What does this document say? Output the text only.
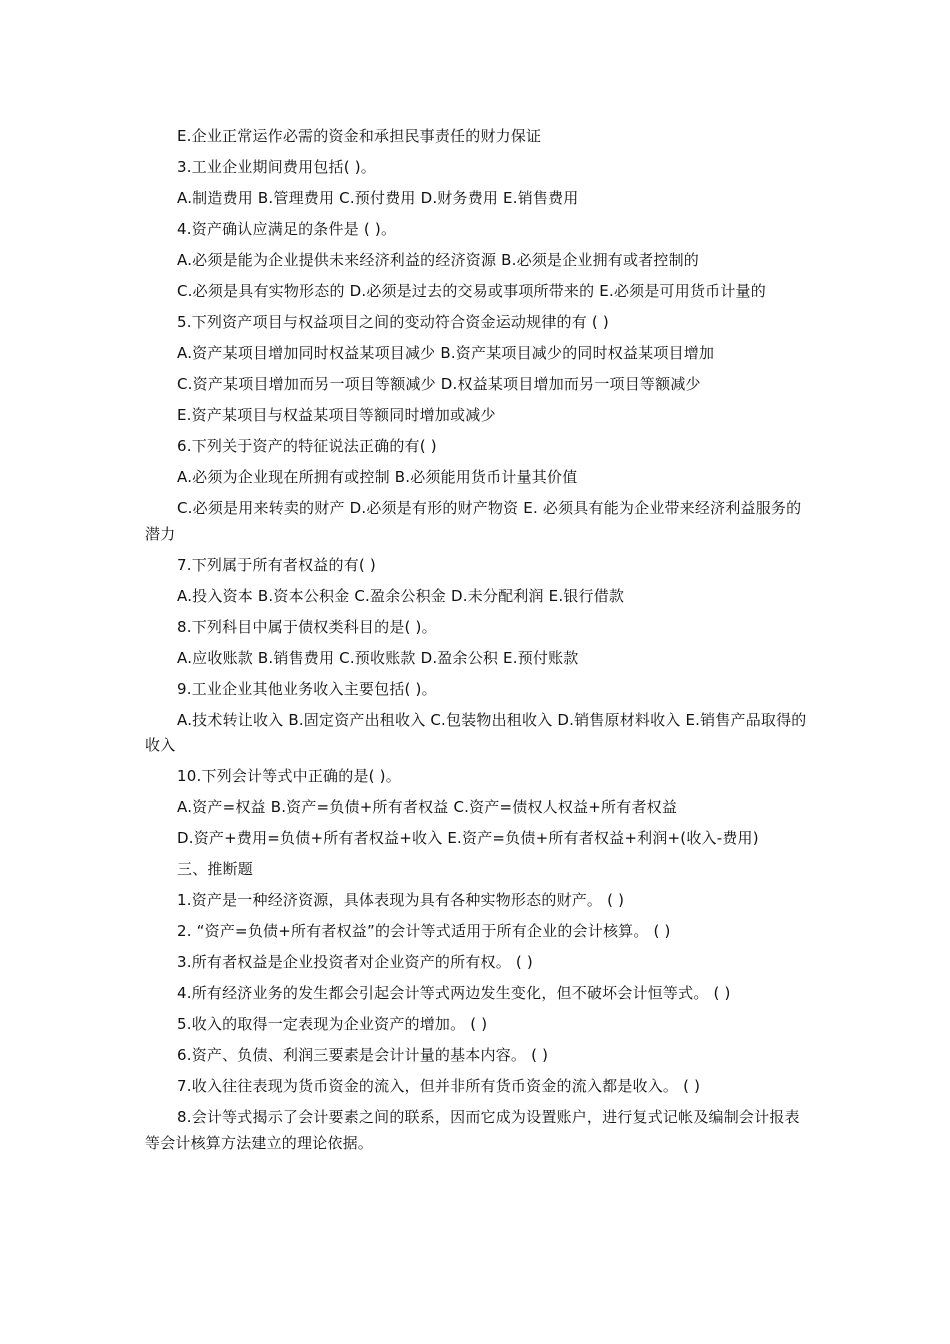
E.企业正常运作必需的资金和承担民事责任的财力保证

3.工业企业期间费用包括( )。

A.制造费用 B.管理费用 C.预付费用 D.财务费用 E.销售费用

4.资产确认应满足的条件是 ( )。

A.必须是能为企业提供未来经济利益的经济资源 B.必须是企业拥有或者控制的

C.必须是具有实物形态的 D.必须是过去的交易或事项所带来的 E.必须是可用货币计量的

5.下列资产项目与权益项目之间的变动符合资金运动规律的有 ( )

A.资产某项目增加同时权益某项目减少 B.资产某项目减少的同时权益某项目增加

C.资产某项目增加而另一项目等额减少 D.权益某项目增加而另一项目等额减少

E.资产某项目与权益某项目等额同时增加或减少

6.下列关于资产的特征说法正确的有( )

A.必须为企业现在所拥有或控制 B.必须能用货币计量其价值

C.必须是用来转卖的财产 D.必须是有形的财产物资 E. 必须具有能为企业带来经济利益服务的潜力

7.下列属于所有者权益的有( )

A.投入资本 B.资本公积金 C.盈余公积金 D.未分配利润 E.银行借款

8.下列科目中属于债权类科目的是( )。

A.应收账款 B.销售费用 C.预收账款 D.盈余公积 E.预付账款

9.工业企业其他业务收入主要包括( )。

A.技术转让收入 B.固定资产出租收入 C.包装物出租收入 D.销售原材料收入 E.销售产品取得的收入

10.下列会计等式中正确的是( )。

A.资产=权益 B.资产=负债+所有者权益 C.资产=债权人权益+所有者权益

D.资产+费用=负债+所有者权益+收入 E.资产=负债+所有者权益+利润+(收入-费用)

三、推断题

1.资产是一种经济资源，具体表现为具有各种实物形态的财产。 ( )

2. “资产=负债+所有者权益”的会计等式适用于所有企业的会计核算。 ( )

3.所有者权益是企业投资者对企业资产的所有权。 ( )

4.所有经济业务的发生都会引起会计等式两边发生变化，但不破坏会计恒等式。 ( )

5.收入的取得一定表现为企业资产的增加。 ( )

6.资产、负债、利润三要素是会计计量的基本内容。 ( )

7.收入往往表现为货币资金的流入，但并非所有货币资金的流入都是收入。 ( )

8.会计等式揭示了会计要素之间的联系，因而它成为设置账户，进行复式记帐及编制会计报表等会计核算方法建立的理论依据。
